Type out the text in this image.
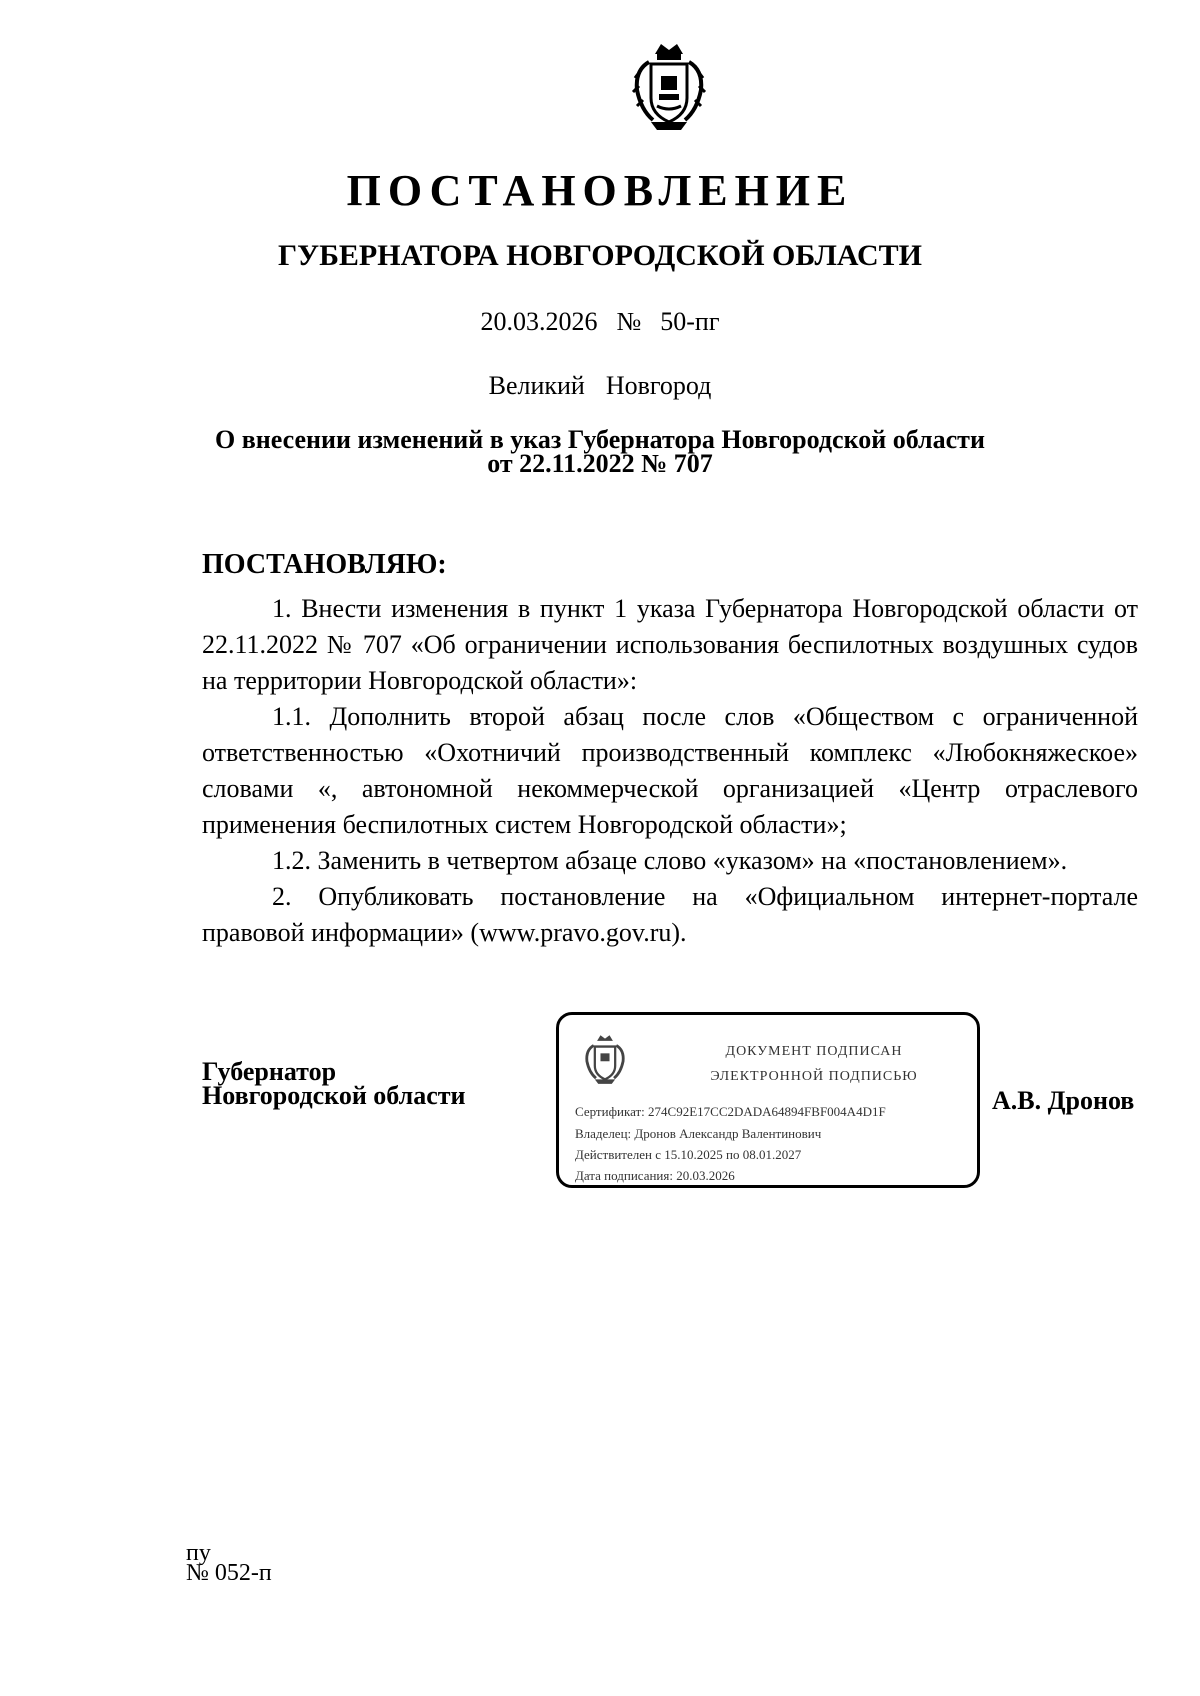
ПОСТАНОВЛЕНИЕ
ГУБЕРНАТОРА НОВГОРОДСКОЙ ОБЛАСТИ
20.03.2026  №  50-пг
Великий  Новгород
О внесении изменений в указ Губернатора Новгородской области
от 22.11.2022 № 707
ПОСТАНОВЛЯЮ:

1. Внести изменения в пункт 1 указа Губернатора Новгородской области от 22.11.2022 № 707 «Об ограничении использования беспилотных воздушных судов на территории Новгородской области»:

1.1. Дополнить второй абзац после слов «Обществом с ограниченной ответственностью «Охотничий производственный комплекс «Любокняжеское» словами «, автономной некоммерческой организацией «Центр отраслевого применения беспилотных систем Новгородской области»;

1.2. Заменить в четвертом абзаце слово «указом» на «постановлением».

2. Опубликовать постановление на «Официальном интернет-портале правовой информации» (www.pravo.gov.ru).

Губернатор
Новгородской области
ДОКУМЕНТ ПОДПИСАН
ЭЛЕКТРОННОЙ ПОДПИСЬЮ
Сертификат: 274C92E17CC2DADA64894FBF004A4D1F
Владелец: Дронов Александр Валентинович
Действителен с 15.10.2025 по 08.01.2027
Дата подписания: 20.03.2026
А.В. Дронов
пу
№ 052-п
